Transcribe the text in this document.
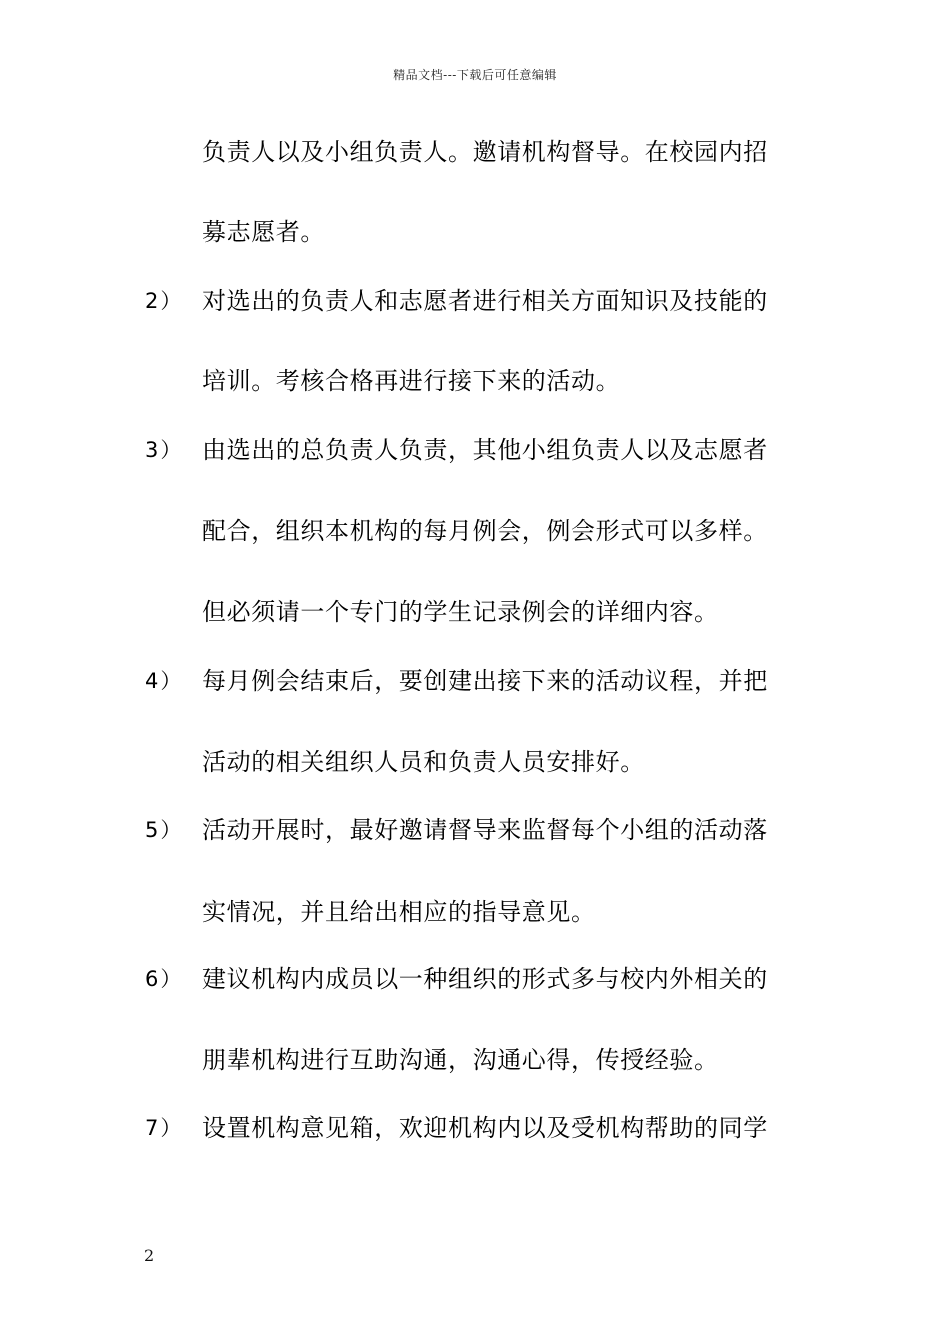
精品文档---下载后可任意编辑
负责人以及小组负责人。邀请机构督导。在校园内招
募志愿者。
2） 对选出的负责人和志愿者进行相关方面知识及技能的
培训。考核合格再进行接下来的活动。
3） 由选出的总负责人负责，其他小组负责人以及志愿者
配合，组织本机构的每月例会，例会形式可以多样。
但必须请一个专门的学生记录例会的详细内容。
4） 每月例会结束后，要创建出接下来的活动议程，并把
活动的相关组织人员和负责人员安排好。
5） 活动开展时，最好邀请督导来监督每个小组的活动落
实情况，并且给出相应的指导意见。
6） 建议机构内成员以一种组织的形式多与校内外相关的
朋辈机构进行互助沟通，沟通心得，传授经验。
7） 设置机构意见箱，欢迎机构内以及受机构帮助的同学
2
